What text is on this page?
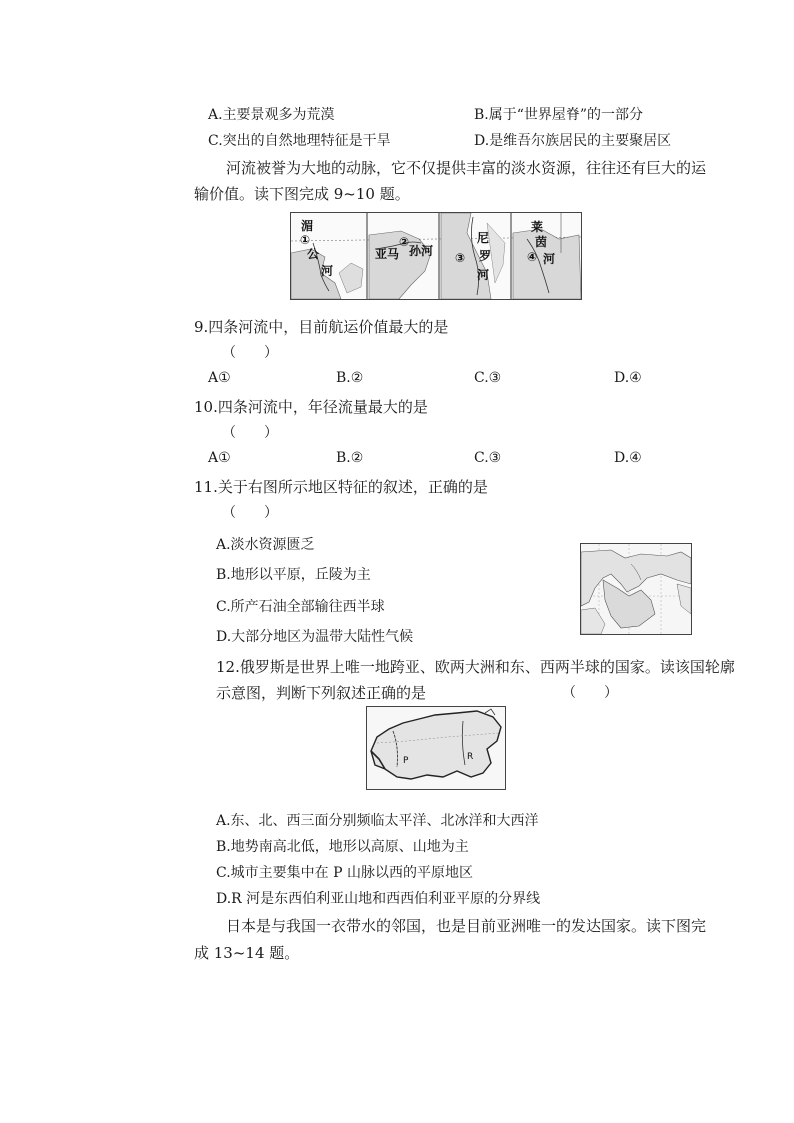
A.主要景观多为荒漠	B.属于“世界屋脊”的一部分
C.突出的自然地理特征是干旱	D.是维吾尔族居民的主要聚居区
河流被誉为大地的动脉，它不仅提供丰富的淡水资源，往往还有巨大的运
输价值。读下图完成 9~10 题。
湄
①
公
河
亚马
②
孙河
尼
③ 罗
河
莱
茵
④ 河
9.四条河流中，目前航运价值最大的是
（　　）
A①	B.②	C.③	D.④
10.四条河流中，年径流量最大的是
（　　）
A①	B.②	C.③	D.④
11.关于右图所示地区特征的叙述，正确的是
（　　）
A.淡水资源匮乏
B.地形以平原，丘陵为主
C.所产石油全部输往西半球
D.大部分地区为温带大陆性气候
12.俄罗斯是世界上唯一地跨亚、欧两大洲和东、西两半球的国家。读该国轮廓
示意图，判断下列叙述正确的是	（　　）
P	R
A.东、北、西三面分别频临太平洋、北冰洋和大西洋
B.地势南高北低，地形以高原、山地为主
C.城市主要集中在 P 山脉以西的平原地区
D.R 河是东西伯利亚山地和西西伯利亚平原的分界线
日本是与我国一衣带水的邻国，也是目前亚洲唯一的发达国家。读下图完
成 13~14 题。
